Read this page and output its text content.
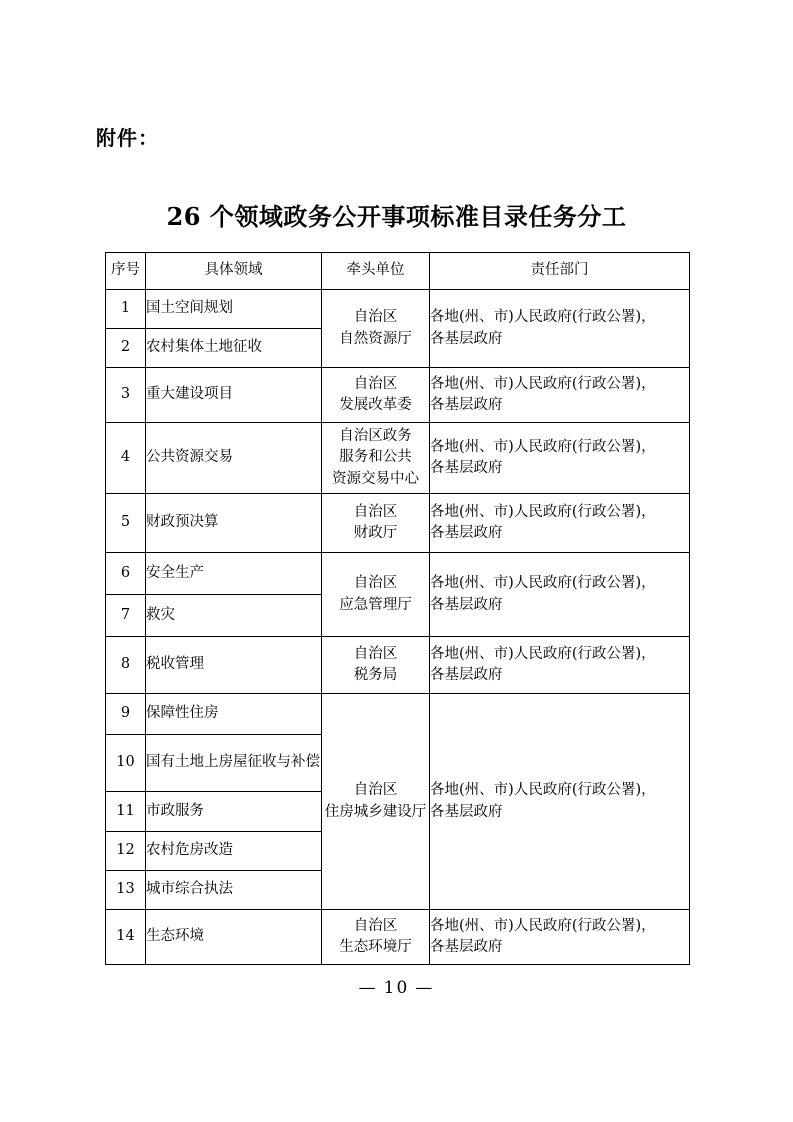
附件：
26 个领域政务公开事项标准目录任务分工
序号	具体领域	牵头单位	责任部门
1	国土空间规划	自治区
自然资源厅	各地(州、市)人民政府(行政公署)，
各基层政府
2	农村集体土地征收		
3	重大建设项目	自治区
发展改革委	各地(州、市)人民政府(行政公署)，
各基层政府
4	公共资源交易	自治区政务
服务和公共
资源交易中心	各地(州、市)人民政府(行政公署)，
各基层政府
5	财政预决算	自治区
财政厅	各地(州、市)人民政府(行政公署)，
各基层政府
6	安全生产	自治区
应急管理厅	各地(州、市)人民政府(行政公署)，
各基层政府
7	救灾		
8	税收管理	自治区
税务局	各地(州、市)人民政府(行政公署)，
各基层政府
9	保障性住房	自治区
住房城乡建设厅	各地(州、市)人民政府(行政公署)，
各基层政府
10	国有土地上房屋征收与补偿		
11	市政服务		
12	农村危房改造		
13	城市综合执法		
14	生态环境	自治区
生态环境厅	各地(州、市)人民政府(行政公署)，
各基层政府
— 10 —
